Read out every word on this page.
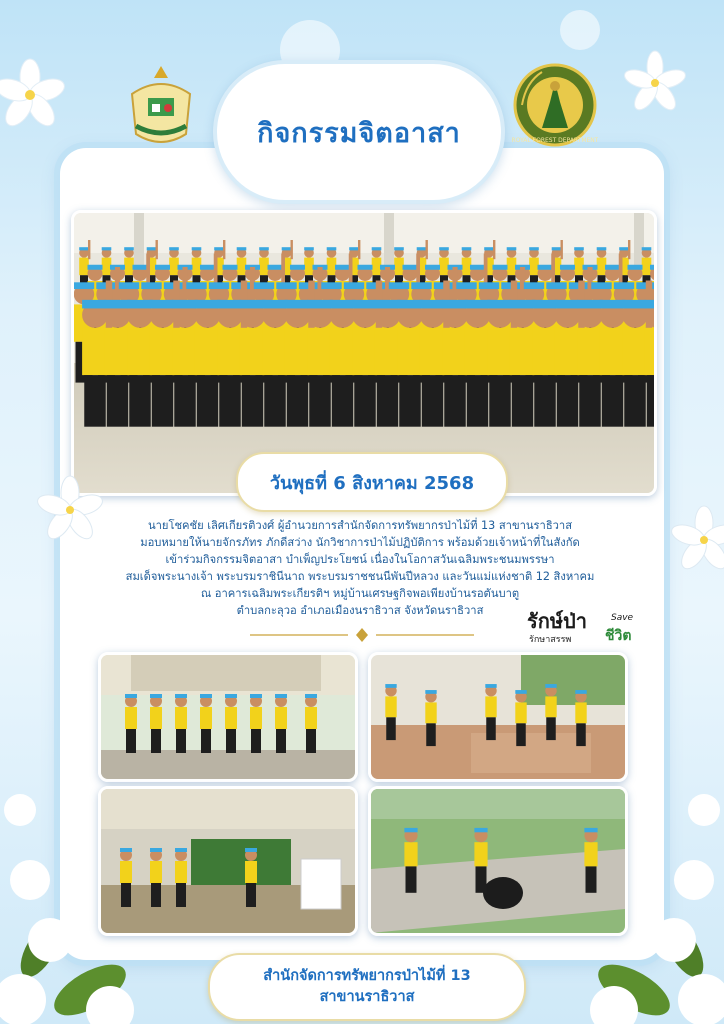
ROYAL FOREST DEPARTMENT
กิจกรรมจิตอาสา
วันพุธที่ 6 สิงหาคม 2568
นายโชคชัย เลิศเกียรติวงศ์ ผู้อำนวยการสำนักจัดการทรัพยากรป่าไม้ที่ 13 สาขานราธิวาส
มอบหมายให้นายจักรภัทร ภักดีสว่าง นักวิชาการป่าไม้ปฏิบัติการ พร้อมด้วยเจ้าหน้าที่ในสังกัด
เข้าร่วมกิจกรรมจิตอาสา บำเพ็ญประโยชน์ เนื่องในโอกาสวันเฉลิมพระชนมพรรษา
สมเด็จพระนางเจ้า พระบรมราชินีนาถ พระบรมราชชนนีพันปีหลวง และวันแม่แห่งชาติ 12 สิงหาคม
ณ อาคารเฉลิมพระเกียรติฯ หมู่บ้านเศรษฐกิจพอเพียงบ้านรอตันบาตู
ตำบลกะลุวอ อำเภอเมืองนราธิวาส จังหวัดนราธิวาส	รักษ์ป่า
รักษาสรรพ
Save
ชีวิต
สำนักจัดการทรัพยากรป่าไม้ที่ 13
สาขานราธิวาส
